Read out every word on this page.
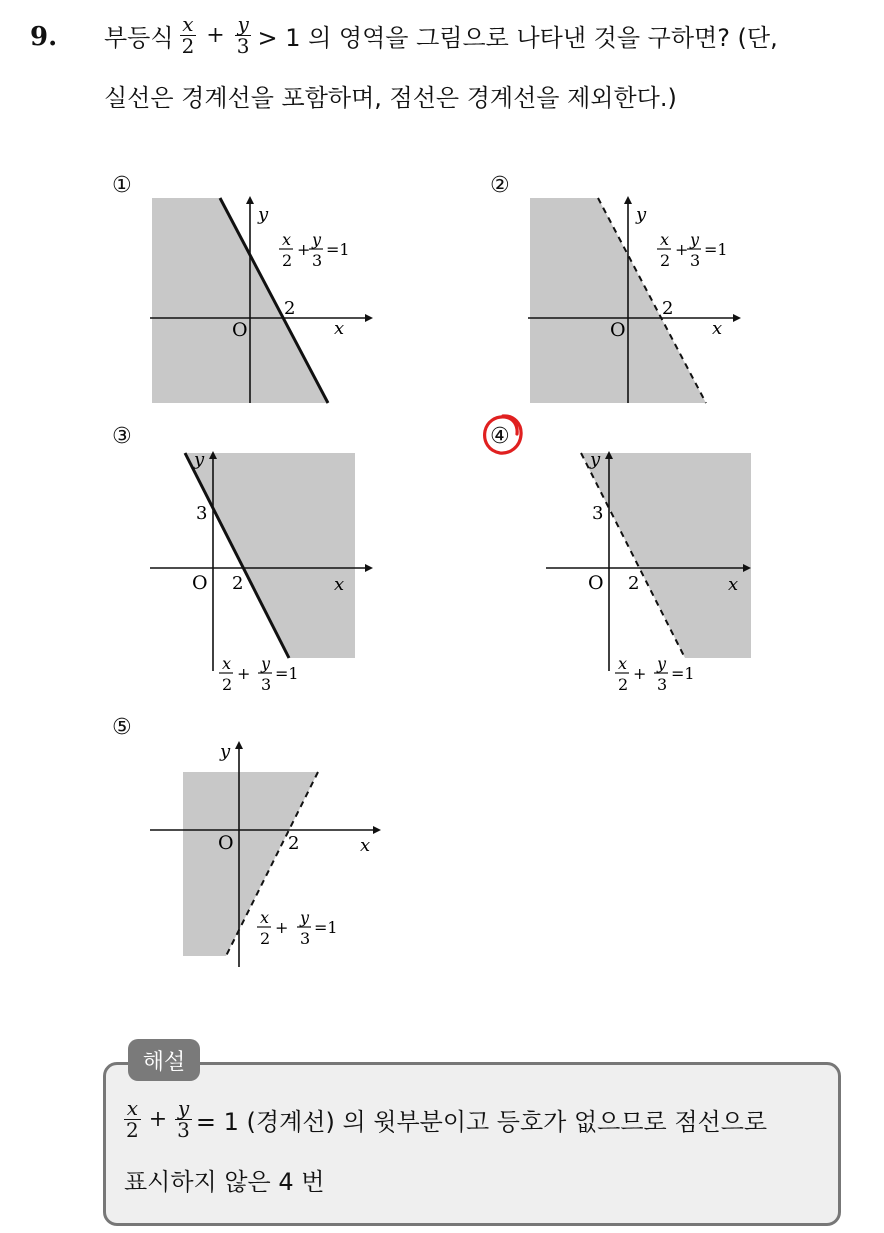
9. 부등식 $\frac{x}{2} + \frac{y}{3} > 1$ 의 영역을 그림으로 나타낸 것을 구하면? (단,
실선은 경계선을 포함하며, 점선은 경계선을 제외한다.)
①	②
③	④
⑤
y
x
O
2
x
2
+
y
3
=1
y
x
O
2
x
2
+
y
3
=1
y
x
O 2
3
x
2
+
y
3
=1
y
x
O 2
3
x
2
+
y
3
=1
y
x
O	2
x
2
+
y
3
=1
해설
$\frac{x}{2} + \frac{y}{3} = 1$ (경계선) 의 윗부분이고 등호가 없으므로 점선으로
표시하지 않은 4 번
